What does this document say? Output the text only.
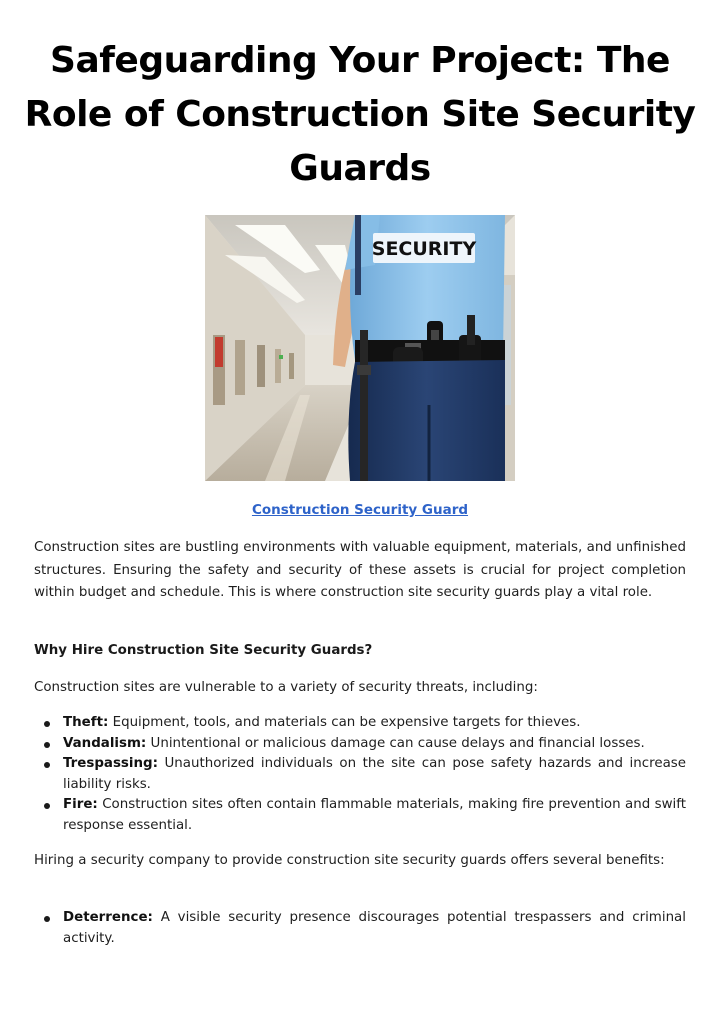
Safeguarding Your Project: The Role of Construction Site Security Guards
SECURITY
Construction Security Guard

Construction sites are bustling environments with valuable equipment, materials, and unfinished structures. Ensuring the safety and security of these assets is crucial for project completion within budget and schedule. This is where construction site security guards play a vital role.

Why Hire Construction Site Security Guards?

Construction sites are vulnerable to a variety of security threats, including:

Theft: Equipment, tools, and materials can be expensive targets for thieves.
Vandalism: Unintentional or malicious damage can cause delays and financial losses.
Trespassing: Unauthorized individuals on the site can pose safety hazards and increase liability risks.
Fire: Construction sites often contain flammable materials, making fire prevention and swift response essential.

Hiring a security company to provide construction site security guards offers several benefits:

Deterrence: A visible security presence discourages potential trespassers and criminal activity.
